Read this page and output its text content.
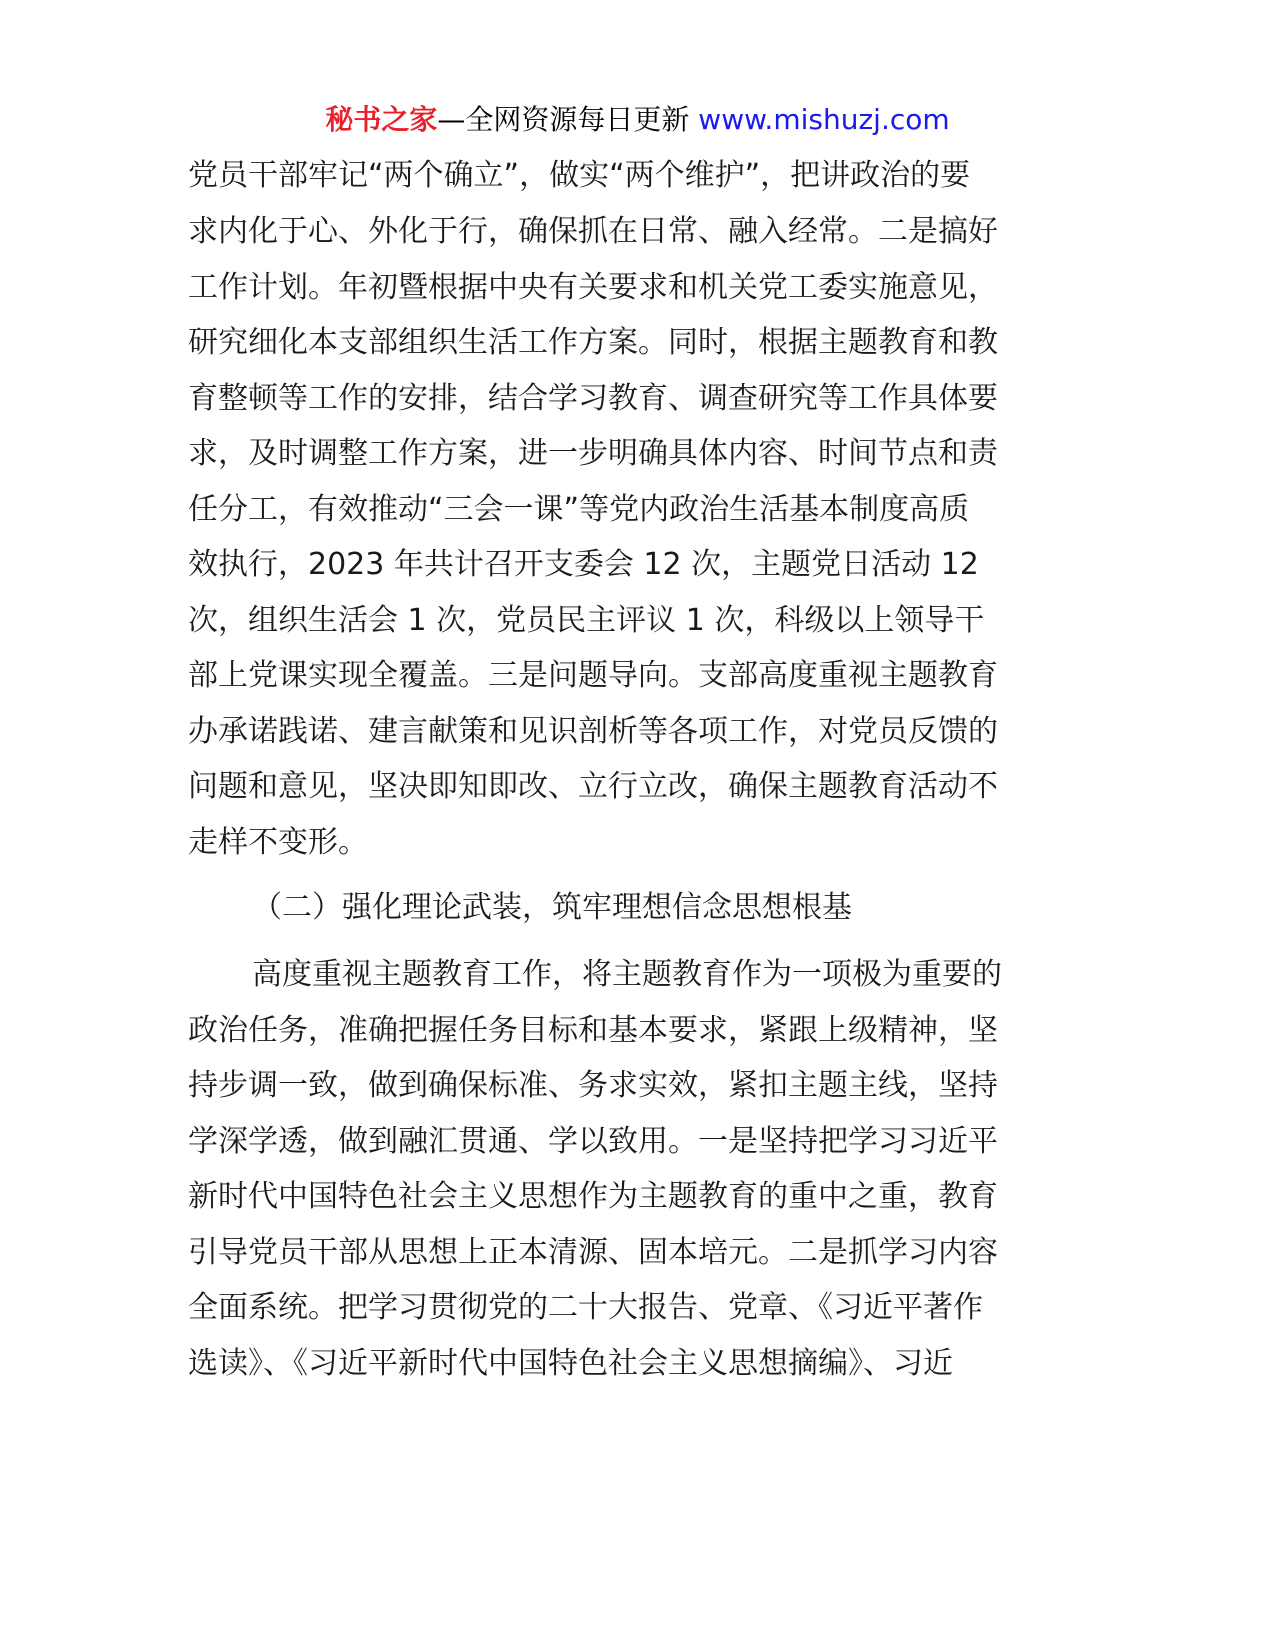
秘书之家—全网资源每日更新 www.mishuzj.com
党员干部牢记“两个确立”，做实“两个维护”，把讲政治的要
求内化于心、外化于行，确保抓在日常、融入经常。二是搞好
工作计划。年初暨根据中央有关要求和机关党工委实施意见，
研究细化本支部组织生活工作方案。同时，根据主题教育和教
育整顿等工作的安排，结合学习教育、调查研究等工作具体要
求，及时调整工作方案，进一步明确具体内容、时间节点和责
任分工，有效推动“三会一课”等党内政治生活基本制度高质
效执行，2023 年共计召开支委会 12 次，主题党日活动 12
次，组织生活会 1 次，党员民主评议 1 次，科级以上领导干
部上党课实现全覆盖。三是问题导向。支部高度重视主题教育
办承诺践诺、建言献策和见识剖析等各项工作，对党员反馈的
问题和意见，坚决即知即改、立行立改，确保主题教育活动不
走样不变形。
（二）强化理论武装，筑牢理想信念思想根基
高度重视主题教育工作，将主题教育作为一项极为重要的
政治任务，准确把握任务目标和基本要求，紧跟上级精神，坚
持步调一致，做到确保标准、务求实效，紧扣主题主线，坚持
学深学透，做到融汇贯通、学以致用。一是坚持把学习习近平
新时代中国特色社会主义思想作为主题教育的重中之重，教育
引导党员干部从思想上正本清源、固本培元。二是抓学习内容
全面系统。把学习贯彻党的二十大报告、党章、《习近平著作
选读》、《习近平新时代中国特色社会主义思想摘编》、习近
